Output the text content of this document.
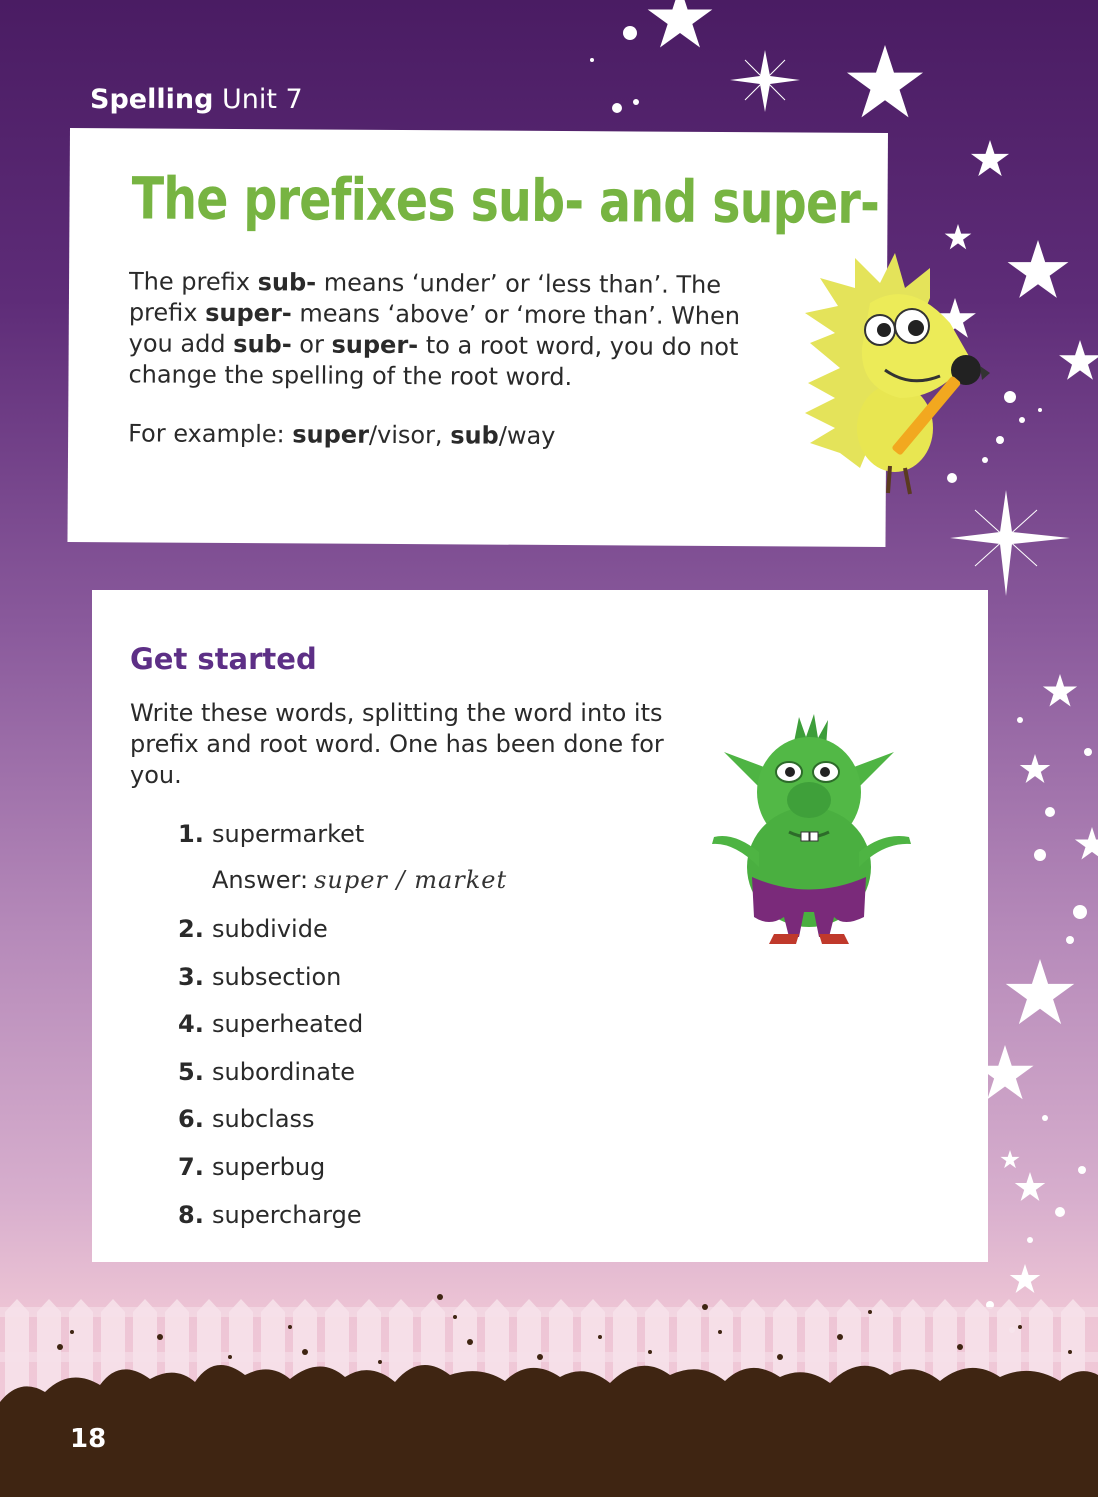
Spelling Unit 7
The prefixes sub- and super-

The prefix sub- means ‘under’ or ‘less than’. The prefix super- means ‘above’ or ‘more than’. When you add sub- or super- to a root word, you do not change the spelling of the root word.

For example: super/visor, sub/way

Get started

Write these words, splitting the word into its prefix and root word. One has been done for you.

1. supermarket
Answer: super / market
2. subdivide
3. subsection
4. superheated
5. subordinate
6. subclass
7. superbug
8. supercharge
18
